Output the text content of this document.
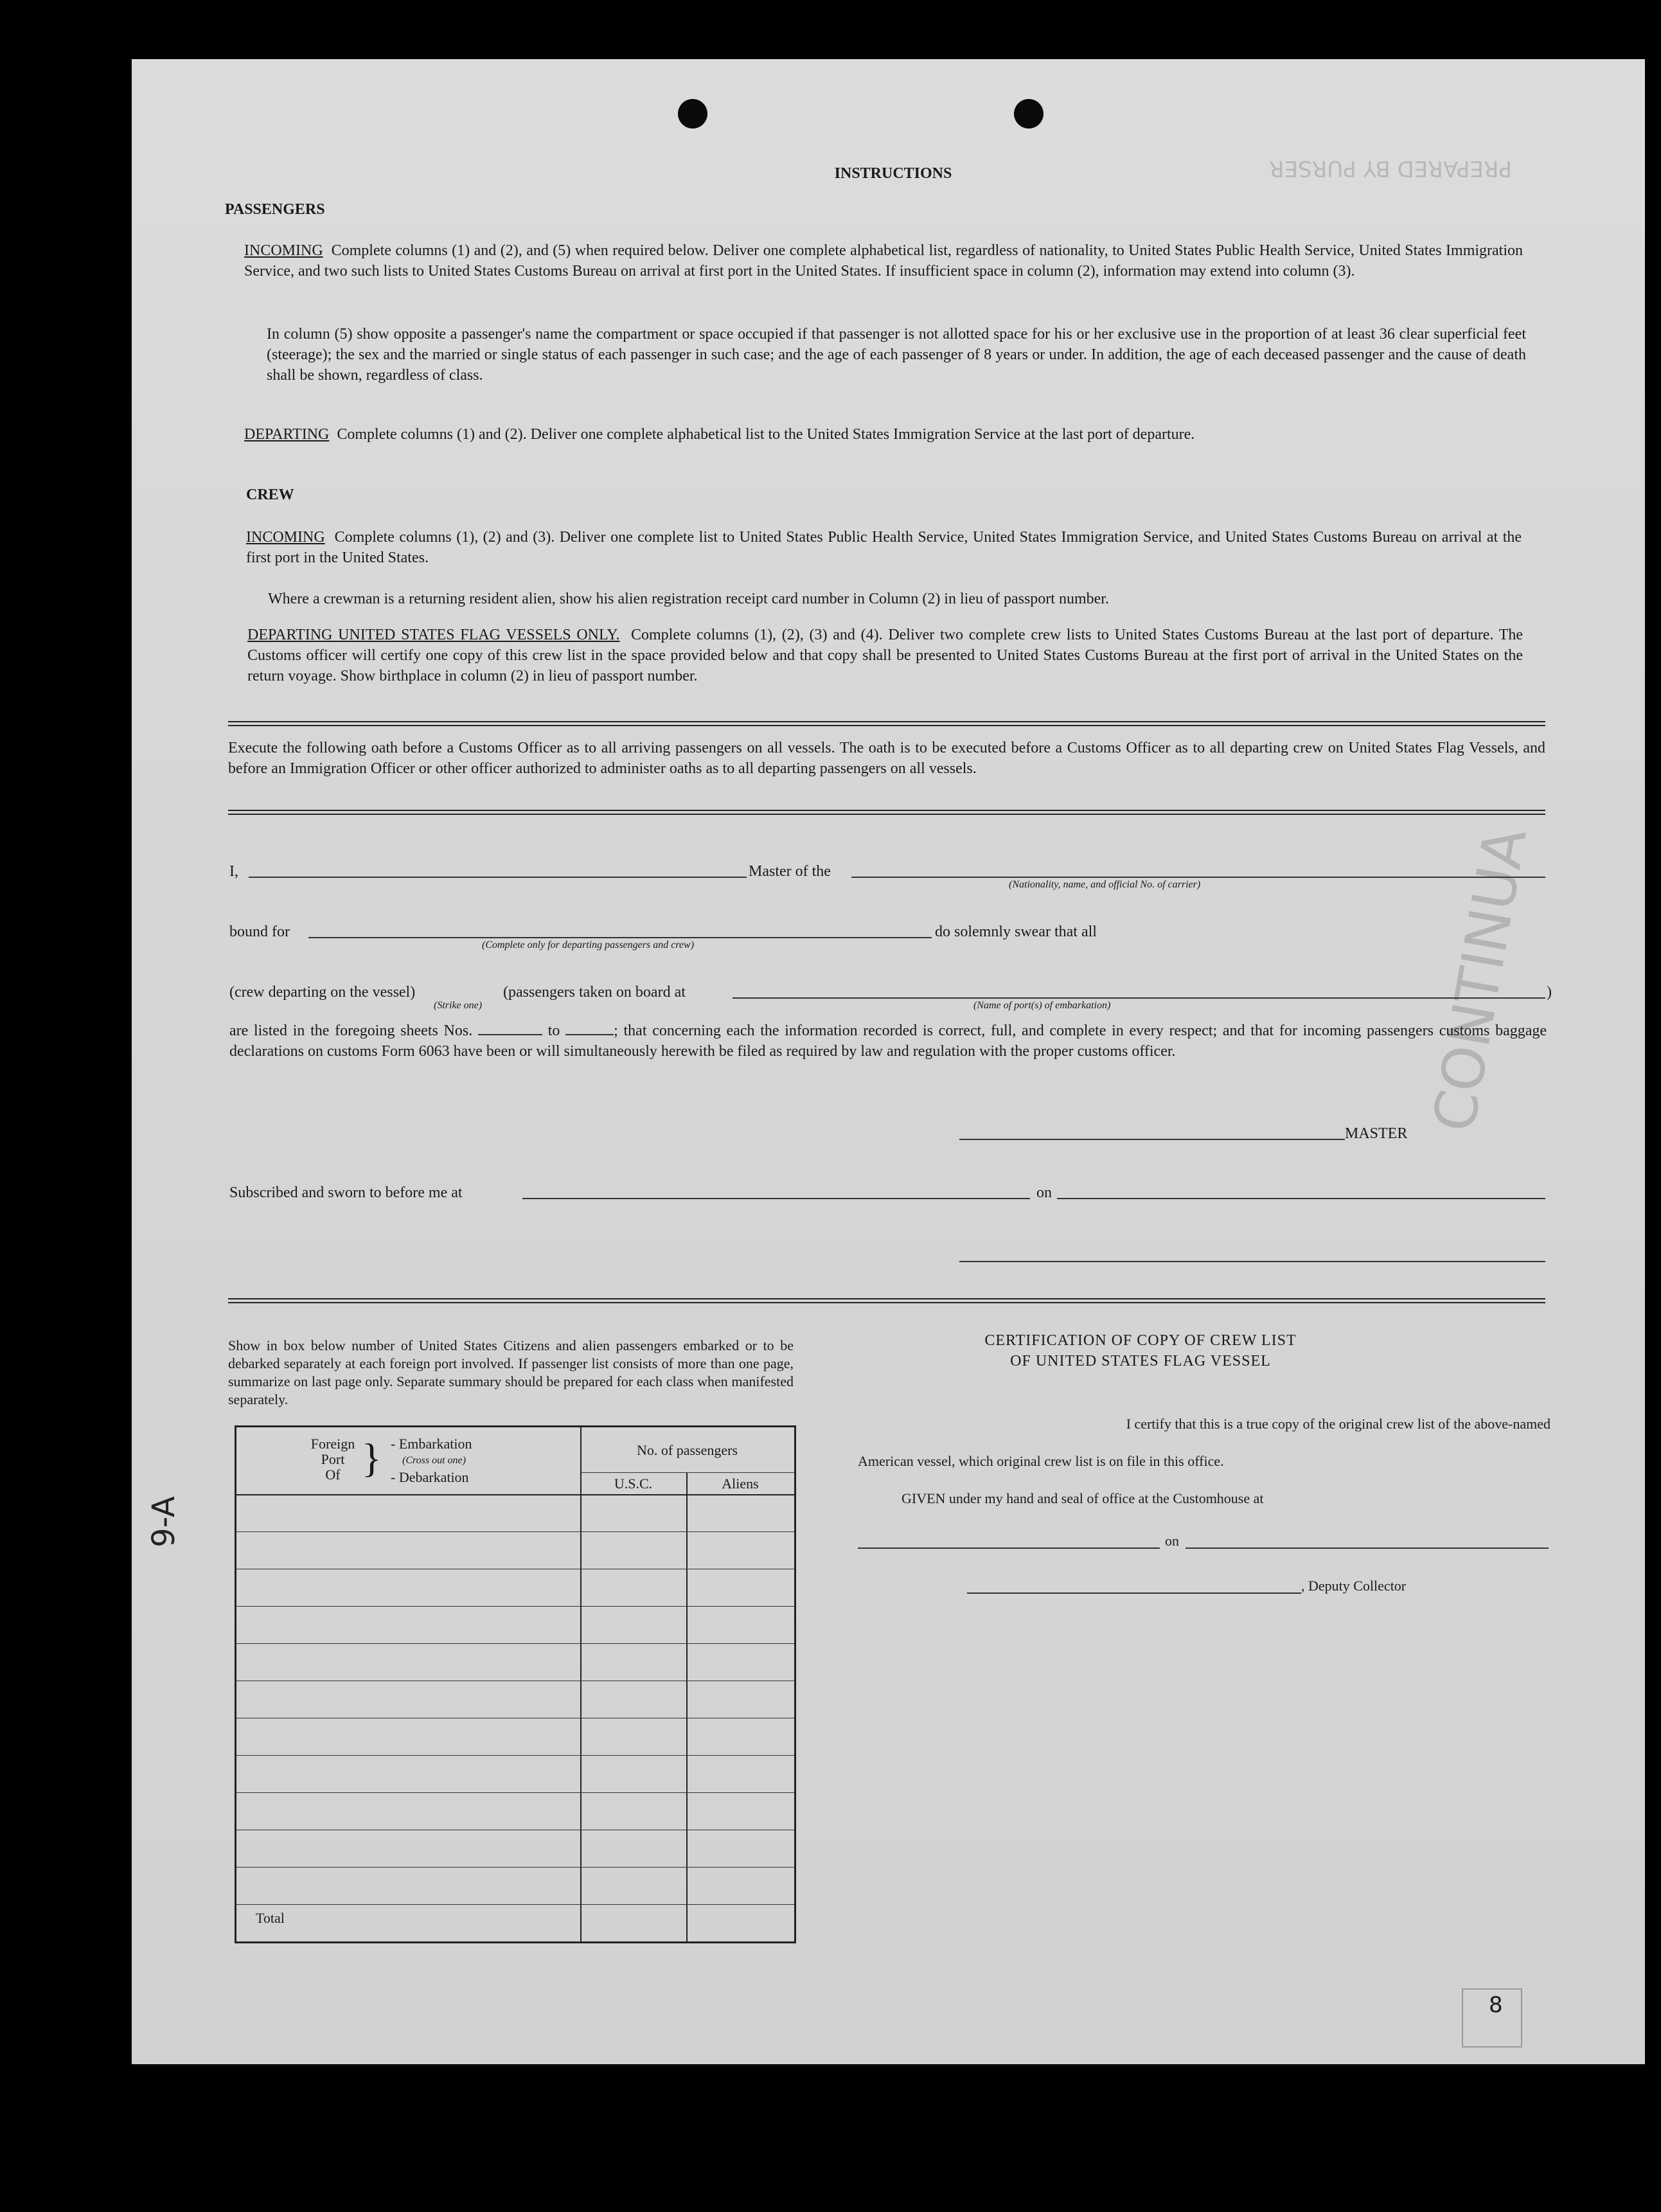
PREPARED BY PURSER
CONTINUA
INSTRUCTIONS
PASSENGERS
INCOMING Complete columns (1) and (2), and (5) when required below. Deliver one complete alphabetical list, regardless of nationality, to United States Public Health Service, United States Immigration Service, and two such lists to United States Customs Bureau on arrival at first port in the United States. If insufficient space in column (2), information may extend into column (3).
In column (5) show opposite a passenger's name the compartment or space occupied if that passenger is not allotted space for his or her exclusive use in the proportion of at least 36 clear superficial feet (steerage); the sex and the married or single status of each passenger in such case; and the age of each passenger of 8 years or under. In addition, the age of each deceased passenger and the cause of death shall be shown, regardless of class.
DEPARTING Complete columns (1) and (2). Deliver one complete alphabetical list to the United States Immigration Service at the last port of departure.
CREW
INCOMING Complete columns (1), (2) and (3). Deliver one complete list to United States Public Health Service, United States Immigration Service, and United States Customs Bureau on arrival at the first port in the United States.
Where a crewman is a returning resident alien, show his alien registration receipt card number in Column (2) in lieu of passport number.
DEPARTING UNITED STATES FLAG VESSELS ONLY. Complete columns (1), (2), (3) and (4). Deliver two complete crew lists to United States Customs Bureau at the last port of departure. The Customs officer will certify one copy of this crew list in the space provided below and that copy shall be presented to United States Customs Bureau at the first port of arrival in the United States on the return voyage. Show birthplace in column (2) in lieu of passport number.
Execute the following oath before a Customs Officer as to all arriving passengers on all vessels. The oath is to be executed before a Customs Officer as to all departing crew on United States Flag Vessels, and before an Immigration Officer or other officer authorized to administer oaths as to all departing passengers on all vessels.
I,	Master of the
(Nationality, name, and official No. of carrier)
bound for
(Complete only for departing passengers and crew)
do solemnly swear that all
(crew departing on the vessel)	(passengers taken on board at	)
(Strike one)	(Name of port(s) of embarkation)
are listed in the foregoing sheets Nos.	to	; that concerning each the information recorded is correct, full, and complete in every respect; and that for incoming passengers customs baggage declarations on customs Form 6063 have been or will simultaneously herewith be filed as required by law and regulation with the proper customs officer.
MASTER
Subscribed and sworn to before me at	on
Show in box below number of United States Citizens and alien passengers embarked or to be debarked separately at each foreign port involved. If passenger list consists of more than one page, summarize on last page only. Separate summary should be prepared for each class when manifested separately.
Foreign
Port
Of } - Embarkation
(Cross out one)
- Debarkation
No. of passengers
U.S.C.	Aliens
Total
CERTIFICATION OF COPY OF CREW LIST
OF UNITED STATES FLAG VESSEL
I certify that this is a true copy of the original crew list of the above-named
American vessel, which original crew list is on file in this office.
GIVEN under my hand and seal of office at the Customhouse at
on
, Deputy Collector
8
9-A
